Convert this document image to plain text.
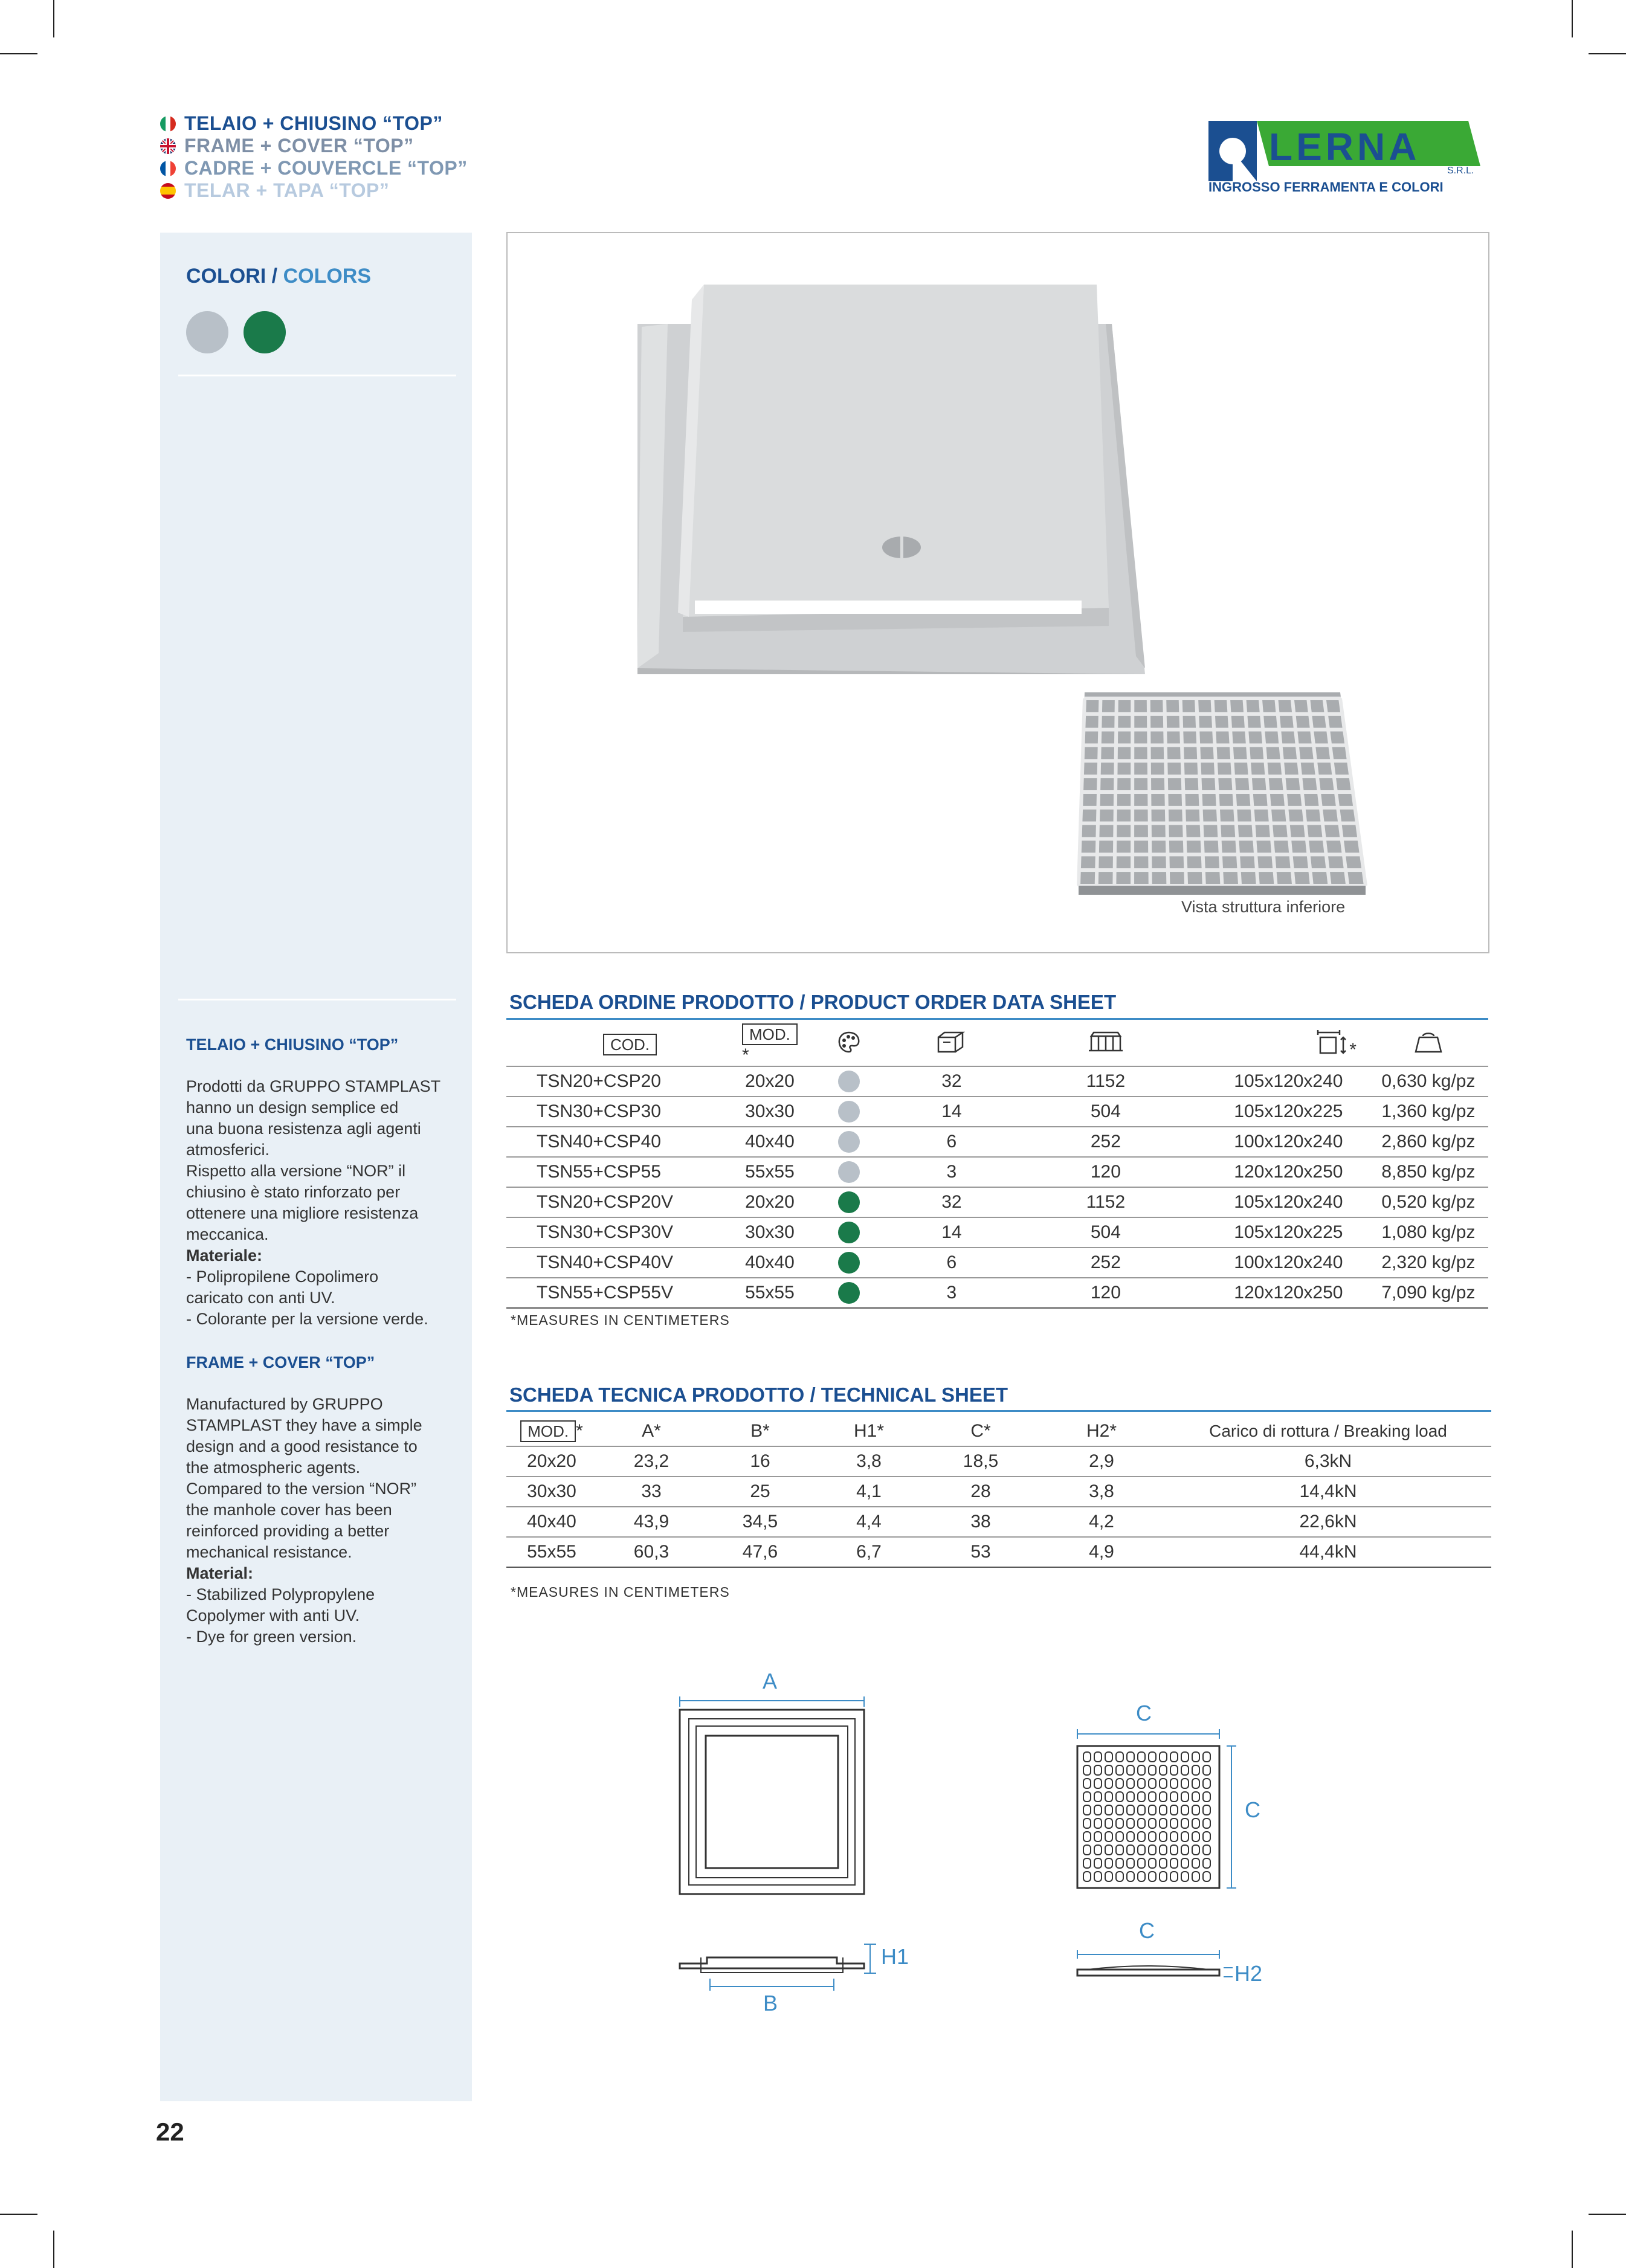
TELAIO + CHIUSINO “TOP”
FRAME + COVER “TOP”
CADRE + COUVERCLE “TOP”
TELAR + TAPA “TOP”
LERNA
S.R.L.
INGROSSO FERRAMENTA E COLORI
COLORI / COLORS
TELAIO + CHIUSINO “TOP”
Prodotti da GRUPPO STAMPLAST
hanno un design semplice ed
una buona resistenza agli agenti
atmosferici.
Rispetto alla versione “NOR” il
chiusino è stato rinforzato per
ottenere una migliore resistenza
meccanica.
Materiale:
- Polipropilene Copolimero
caricato con anti UV.
- Colorante per la versione verde.
FRAME + COVER “TOP”
Manufactured by GRUPPO
STAMPLAST they have a simple
design and a good resistance to
the atmospheric agents.
Compared to the version “NOR”
the manhole cover has been
reinforced providing a better
mechanical resistance.
Material:
- Stabilized Polypropylene
Copolymer with anti UV.
- Dye for green version.
Vista struttura inferiore
SCHEDA ORDINE PRODOTTO / PRODUCT ORDER DATA SHEET
	COD.	MOD.*				*	
TSN20+CSP20		20x20		32	1152	105x120x240	0,630 kg/pz
TSN30+CSP30		30x30		14	504	105x120x225	1,360 kg/pz
TSN40+CSP40		40x40		6	252	100x120x240	2,860 kg/pz
TSN55+CSP55		55x55		3	120	120x120x250	8,850 kg/pz
TSN20+CSP20V		20x20		32	1152	105x120x240	0,520 kg/pz
TSN30+CSP30V		30x30		14	504	105x120x225	1,080 kg/pz
TSN40+CSP40V		40x40		6	252	100x120x240	2,320 kg/pz
TSN55+CSP55V		55x55		3	120	120x120x250	7,090 kg/pz
*MEASURES IN CENTIMETERS
SCHEDA TECNICA PRODOTTO / TECHNICAL SHEET
MOD. *	A*	B*	H1*	C*	H2*	Carico di rottura / Breaking load
20x20	23,2	16	3,8	18,5	2,9	6,3kN
30x30	33	25	4,1	28	3,8	14,4kN
40x40	43,9	34,5	4,4	38	4,2	22,6kN
55x55	60,3	47,6	6,7	53	4,9	44,4kN
*MEASURES IN CENTIMETERS
A
H1
B
C
C
C
H2
22
